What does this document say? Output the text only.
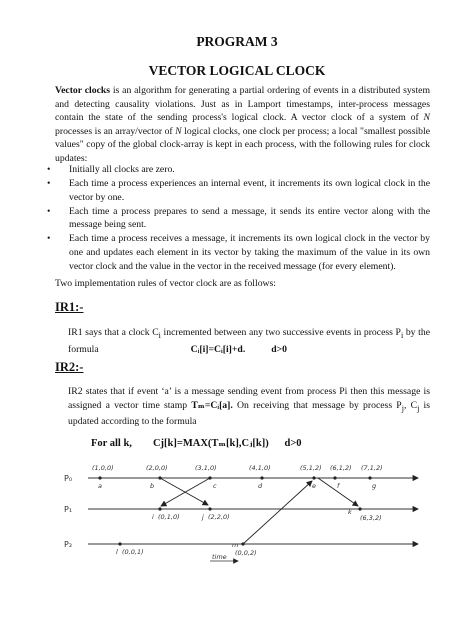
PROGRAM 3
VECTOR LOGICAL CLOCK
Vector clocks is an algorithm for generating a partial ordering of events in a distributed system and detecting causality violations. Just as in Lamport timestamps, inter-process messages contain the state of the sending process's logical clock. A vector clock of a system of N processes is an array/vector of N logical clocks, one clock per process; a local "smallest possible values" copy of the global clock-array is kept in each process, with the following rules for clock updates:
• Initially all clocks are zero.
• Each time a process experiences an internal event, it increments its own logical clock in the vector by one.
• Each time a process prepares to send a message, it sends its entire vector along with the message being sent.
• Each time a process receives a message, it increments its own logical clock in the vector by one and updates each element in its vector by taking the maximum of the value in its own vector clock and the value in the vector in the received message (for every element).
Two implementation rules of vector clock are as follows:
IR1:-
IR1 says that a clock $C_i$ incremented between any two successive events in process $P_i$ by the formula	Cᵢ[i]=Cᵢ[i]+d.	d>0
IR2:-
IR2 states that if event ‘a’ is a message sending event from process Pi then this message is assigned a vector time stamp Tₘ=Cᵢ[a]. On receiving that message by process $P_j$, $C_j$ is updated according to the formula
For all k, Cj[k]=MAX(Tₘ[k],Cⱼ[k]) d>0
P₀
P₁
P₂
(1,0,0)	(2,0,0)	(3,1,0)	(4,1,0)	(5,1,2) (6,1,2) (7,1,2)
a	b	c	d	e	f	g
i (0,1,0)	j (2,2,0)
k
(6,3,2)
l (0,0,1)
m
(0,0,2)
time
